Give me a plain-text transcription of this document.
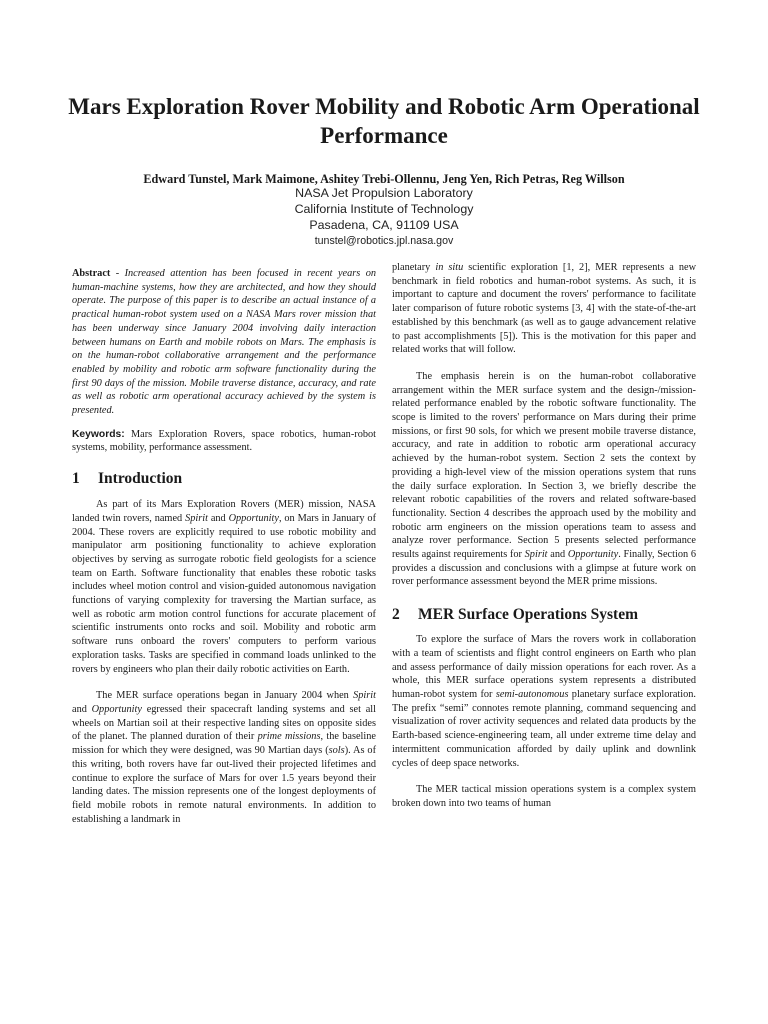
Mars Exploration Rover Mobility and Robotic Arm Operational Performance
Edward Tunstel, Mark Maimone, Ashitey Trebi-Ollennu, Jeng Yen, Rich Petras, Reg Willson
NASA Jet Propulsion Laboratory
California Institute of Technology
Pasadena, CA, 91109 USA
tunstel@robotics.jpl.nasa.gov

Abstract - Increased attention has been focused in recent years on human-machine systems, how they are architected, and how they should operate. The purpose of this paper is to describe an actual instance of a practical human-robot system used on a NASA Mars rover mission that has been underway since January 2004 involving daily interaction between humans on Earth and mobile robots on Mars. The emphasis is on the human-robot collaborative arrangement and the performance enabled by mobility and robotic arm software functionality during the first 90 days of the mission. Mobile traverse distance, accuracy, and rate as well as robotic arm operational accuracy achieved by the system is presented.

Keywords: Mars Exploration Rovers, space robotics, human-robot systems, mobility, performance assessment.

1 Introduction

As part of its Mars Exploration Rovers (MER) mission, NASA landed twin rovers, named Spirit and Opportunity, on Mars in January of 2004. These rovers are explicitly required to use robotic mobility and manipulator arm positioning functionality to achieve exploration objectives by serving as surrogate robotic field geologists for a science team on Earth. Software functionality that enables these robotic tasks includes wheel motion control and vision-guided autonomous navigation functions of varying complexity for traversing the Martian surface, as well as robotic arm motion control functions for accurate placement of scientific instruments onto rocks and soil. Mobility and robotic arm software runs onboard the rovers' computers to perform various exploration tasks. Tasks are specified in command loads unlinked to the rovers by engineers who plan their daily robotic activities on Earth.

The MER surface operations began in January 2004 when Spirit and Opportunity egressed their spacecraft landing systems and set all wheels on Martian soil at their respective landing sites on opposite sides of the planet. The planned duration of their prime missions, the baseline mission for which they were designed, was 90 Martian days (sols). As of this writing, both rovers have far out-lived their projected lifetimes and continue to explore the surface of Mars for over 1.5 years beyond their landing dates. The mission represents one of the longest deployments of field mobile robots in remote natural environments. In addition to establishing a landmark in

planetary in situ scientific exploration [1, 2], MER represents a new benchmark in field robotics and human-robot systems. As such, it is important to capture and document the rovers' performance to facilitate later comparison of future robotic systems [3, 4] with the state-of-the-art established by this benchmark (as well as to gauge advancement relative to past accomplishments [5]). This is the motivation for this paper and related works that will follow.

The emphasis herein is on the human-robot collaborative arrangement within the MER surface system and the design-/mission-related performance enabled by the robotic software functionality. The scope is limited to the rovers' performance on Mars during their prime missions, or first 90 sols, for which we present mobile traverse distance, accuracy, and rate in addition to robotic arm operational accuracy achieved by the human-robot system. Section 2 sets the context by providing a high-level view of the mission operations system that runs the daily surface exploration. In Section 3, we briefly describe the relevant robotic capabilities of the rovers and related software-based functionality. Section 4 describes the approach used by the mobility and robotic arm engineers on the mission operations team to assess and analyze rover performance. Section 5 presents selected performance results against requirements for Spirit and Opportunity. Finally, Section 6 provides a discussion and conclusions with a glimpse at future work on rover performance assessment beyond the MER prime missions.

2 MER Surface Operations System

To explore the surface of Mars the rovers work in collaboration with a team of scientists and flight control engineers on Earth who plan and assess performance of daily mission operations for each rover. As a whole, this MER surface operations system represents a distributed human-robot system for semi-autonomous planetary surface exploration. The prefix “semi” connotes remote planning, command sequencing and visualization of rover activity sequences and related data products by the Earth-based science-engineering team, all under extreme time delay and intermittent communication afforded by daily uplink and downlink cycles of deep space networks.

The MER tactical mission operations system is a complex system broken down into two teams of human
